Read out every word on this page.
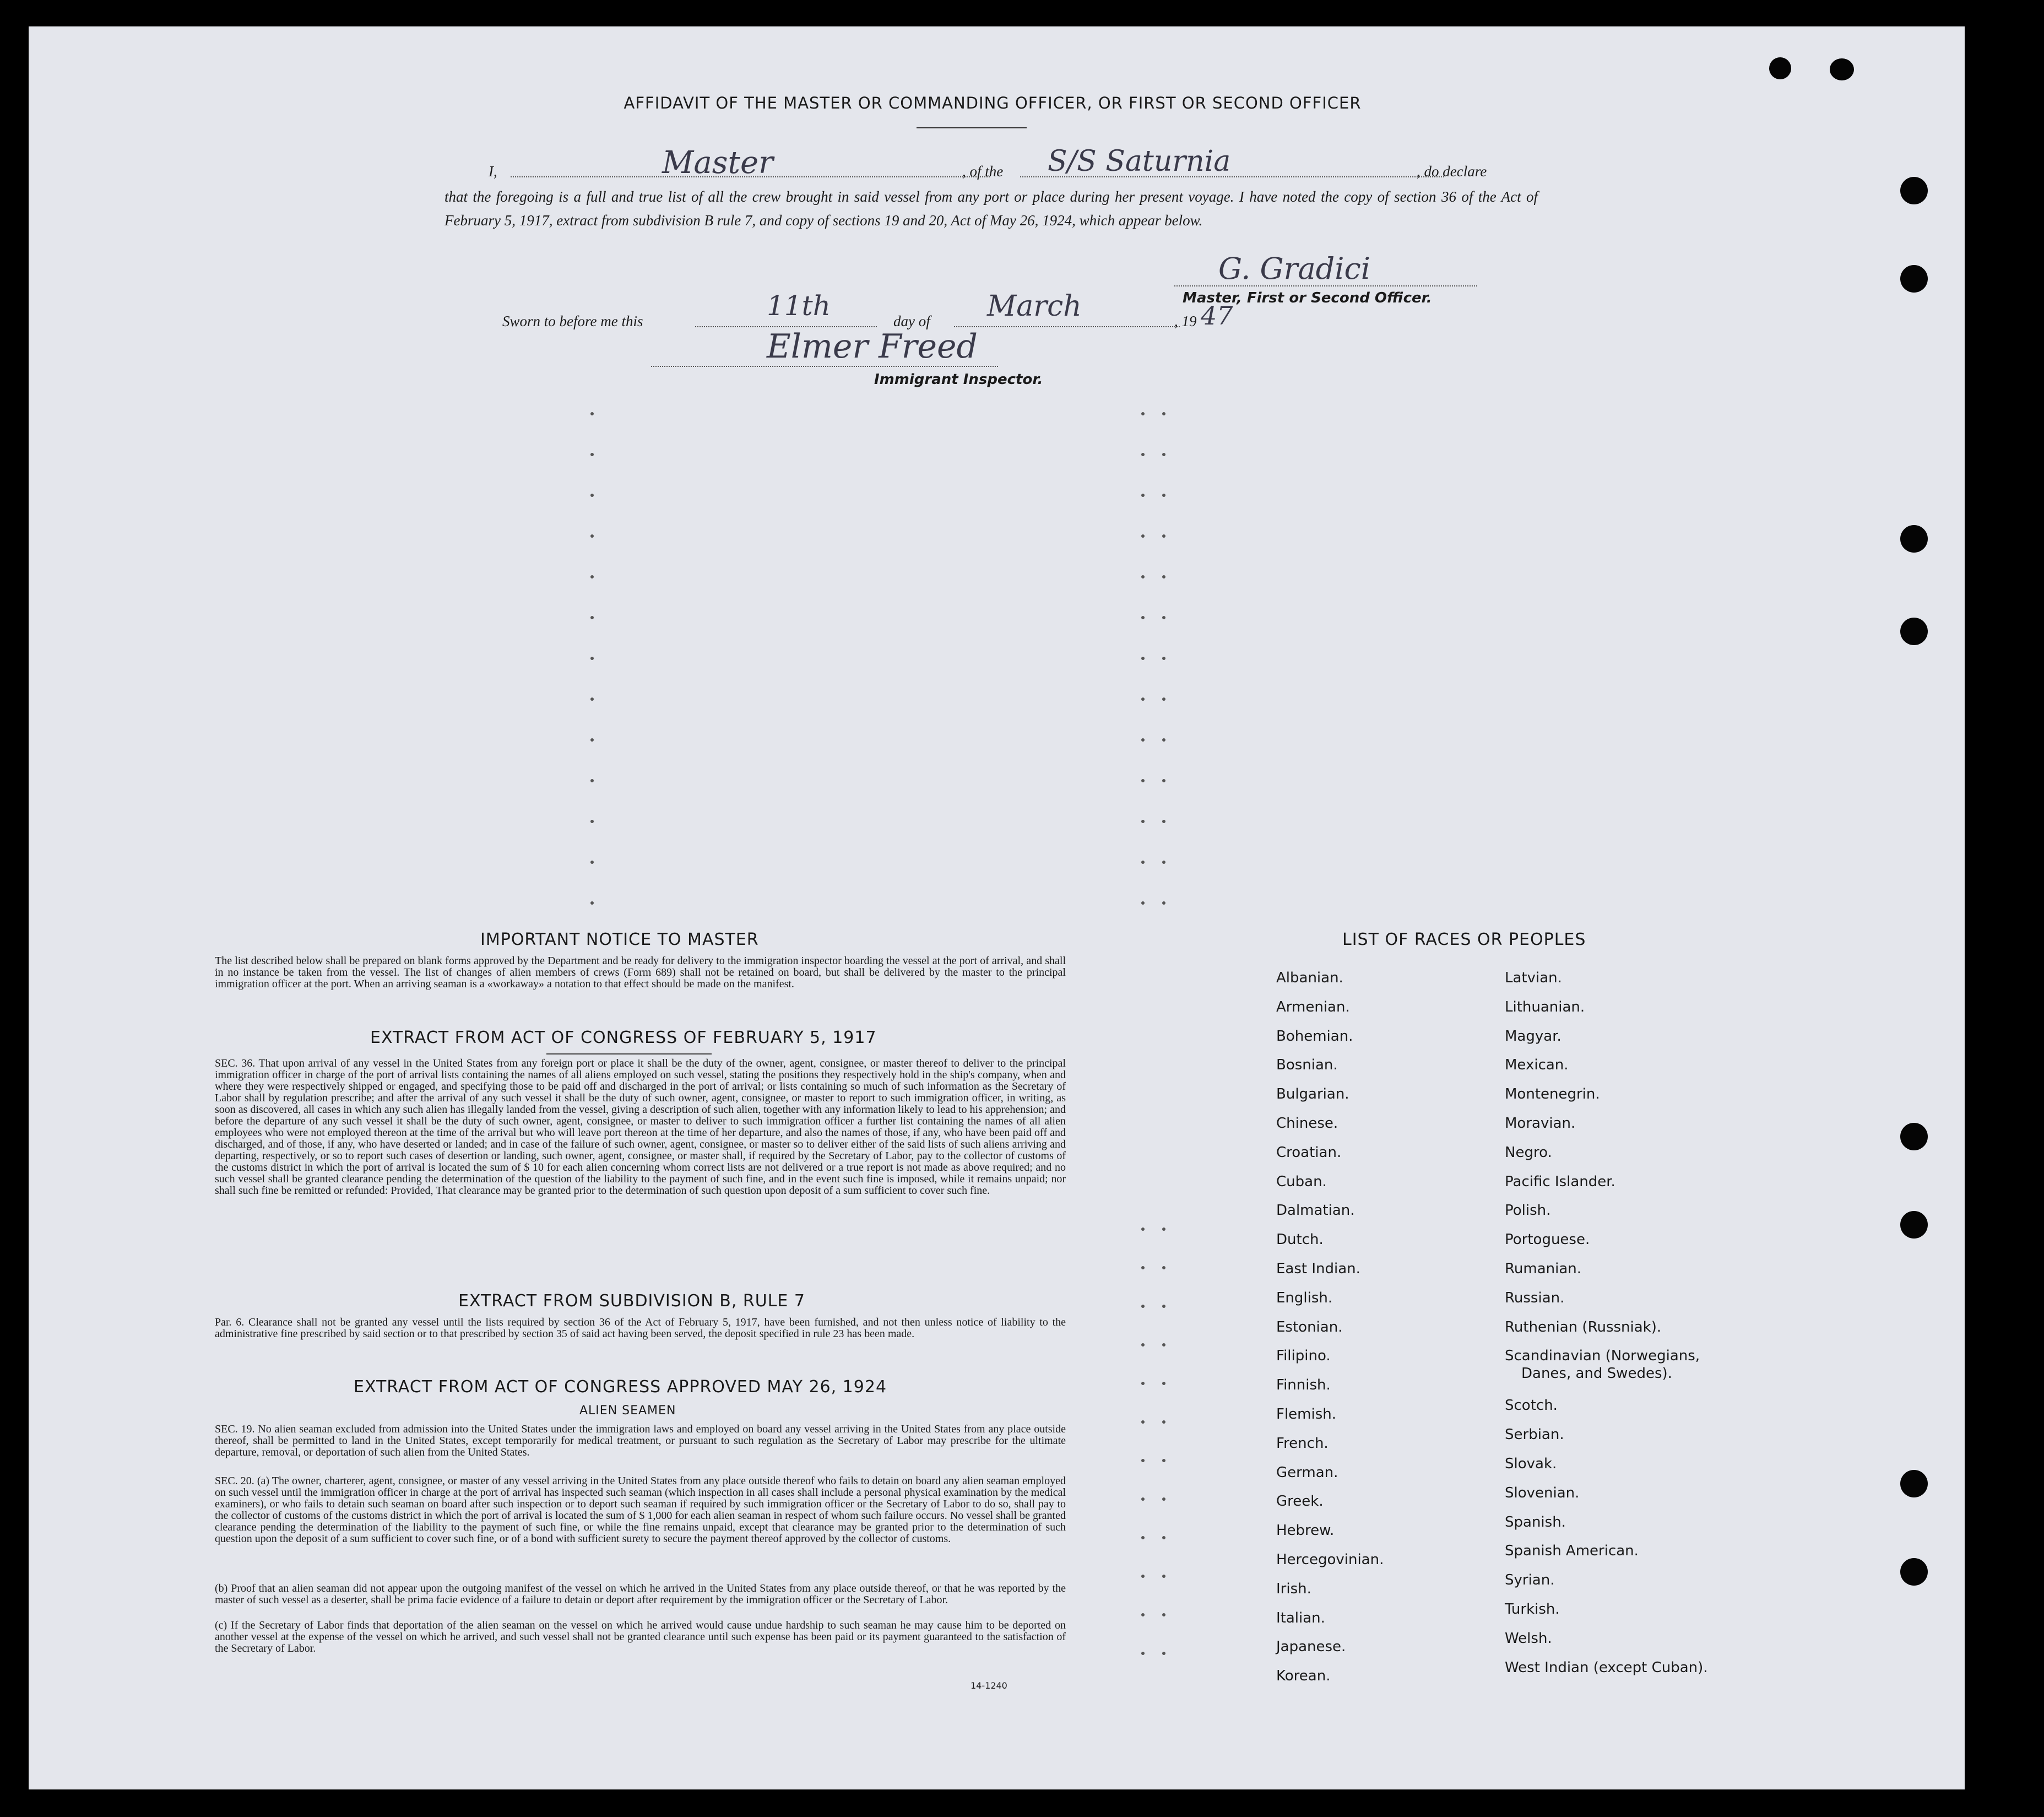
AFFIDAVIT OF THE MASTER OR COMMANDING OFFICER, OR FIRST OR SECOND OFFICER
I,	Master	, of the S/S Saturnia	, do declare
that the foregoing is a full and true list of all the crew brought in said vessel from any port or place during her present voyage. I have noted the copy of section 36 of the Act of February 5, 1917, extract from subdivision B rule 7, and copy of sections 19 and 20, Act of May 26, 1924, which appear below.
G. Gradici
Master, First or Second Officer.
Sworn to before me this	11th	day of March	, 19 47
Elmer Freed
Immigrant Inspector.
IMPORTANT NOTICE TO MASTER
The list described below shall be prepared on blank forms approved by the Department and be ready for delivery to the immigration inspector boarding the vessel at the port of arrival, and shall in no instance be taken from the vessel. The list of changes of alien members of crews (Form 689) shall not be retained on board, but shall be delivered by the master to the principal immigration officer at the port. When an arriving seaman is a «workaway» a notation to that effect should be made on the manifest.
EXTRACT FROM ACT OF CONGRESS OF FEBRUARY 5, 1917
SEC. 36. That upon arrival of any vessel in the United States from any foreign port or place it shall be the duty of the owner, agent, consignee, or master thereof to deliver to the principal immigration officer in charge of the port of arrival lists containing the names of all aliens employed on such vessel, stating the positions they respectively hold in the ship's company, when and where they were respectively shipped or engaged, and specifying those to be paid off and discharged in the port of arrival; or lists containing so much of such information as the Secretary of Labor shall by regulation prescribe; and after the arrival of any such vessel it shall be the duty of such owner, agent, consignee, or master to report to such immigration officer, in writing, as soon as discovered, all cases in which any such alien has illegally landed from the vessel, giving a description of such alien, together with any information likely to lead to his apprehension; and before the departure of any such vessel it shall be the duty of such owner, agent, consignee, or master to deliver to such immigration officer a further list containing the names of all alien employees who were not employed thereon at the time of the arrival but who will leave port thereon at the time of her departure, and also the names of those, if any, who have been paid off and discharged, and of those, if any, who have deserted or landed; and in case of the failure of such owner, agent, consignee, or master so to deliver either of the said lists of such aliens arriving and departing, respectively, or so to report such cases of desertion or landing, such owner, agent, consignee, or master shall, if required by the Secretary of Labor, pay to the collector of customs of the customs district in which the port of arrival is located the sum of $ 10 for each alien concerning whom correct lists are not delivered or a true report is not made as above required; and no such vessel shall be granted clearance pending the determination of the question of the liability to the payment of such fine, and in the event such fine is imposed, while it remains unpaid; nor shall such fine be remitted or refunded: Provided, That clearance may be granted prior to the determination of such question upon deposit of a sum sufficient to cover such fine.
EXTRACT FROM SUBDIVISION B, RULE 7
Par. 6. Clearance shall not be granted any vessel until the lists required by section 36 of the Act of February 5, 1917, have been furnished, and not then unless notice of liability to the administrative fine prescribed by said section or to that prescribed by section 35 of said act having been served, the deposit specified in rule 23 has been made.
EXTRACT FROM ACT OF CONGRESS APPROVED MAY 26, 1924
ALIEN SEAMEN
SEC. 19. No alien seaman excluded from admission into the United States under the immigration laws and employed on board any vessel arriving in the United States from any place outside thereof, shall be permitted to land in the United States, except temporarily for medical treatment, or pursuant to such regulation as the Secretary of Labor may prescribe for the ultimate departure, removal, or deportation of such alien from the United States.
SEC. 20. (a) The owner, charterer, agent, consignee, or master of any vessel arriving in the United States from any place outside thereof who fails to detain on board any alien seaman employed on such vessel until the immigration officer in charge at the port of arrival has inspected such seaman (which inspection in all cases shall include a personal physical examination by the medical examiners), or who fails to detain such seaman on board after such inspection or to deport such seaman if required by such immigration officer or the Secretary of Labor to do so, shall pay to the collector of customs of the customs district in which the port of arrival is located the sum of $ 1,000 for each alien seaman in respect of whom such failure occurs. No vessel shall be granted clearance pending the determination of the liability to the payment of such fine, or while the fine remains unpaid, except that clearance may be granted prior to the determination of such question upon the deposit of a sum sufficient to cover such fine, or of a bond with sufficient surety to secure the payment thereof approved by the collector of customs.
(b) Proof that an alien seaman did not appear upon the outgoing manifest of the vessel on which he arrived in the United States from any place outside thereof, or that he was reported by the master of such vessel as a deserter, shall be prima facie evidence of a failure to detain or deport after requirement by the immigration officer or the Secretary of Labor.
(c) If the Secretary of Labor finds that deportation of the alien seaman on the vessel on which he arrived would cause undue hardship to such seaman he may cause him to be deported on another vessel at the expense of the vessel on which he arrived, and such vessel shall not be granted clearance until such expense has been paid or its payment guaranteed to the satisfaction of the Secretary of Labor.
14-1240
LIST OF RACES OR PEOPLES
Albanian.
Armenian.
Bohemian.
Bosnian.
Bulgarian.
Chinese.
Croatian.
Cuban.
Dalmatian.
Dutch.
East Indian.
English.
Estonian.
Filipino.
Finnish.
Flemish.
French.
German.
Greek.
Hebrew.
Hercegovinian.
Irish.
Italian.
Japanese.
Korean.
Latvian.
Lithuanian.
Magyar.
Mexican.
Montenegrin.
Moravian.
Negro.
Pacific Islander.
Polish.
Portoguese.
Rumanian.
Russian.
Ruthenian (Russniak).
Scandinavian (Norwegians,
Danes, and Swedes).
Scotch.
Serbian.
Slovak.
Slovenian.
Spanish.
Spanish American.
Syrian.
Turkish.
Welsh.
West Indian (except Cuban).
